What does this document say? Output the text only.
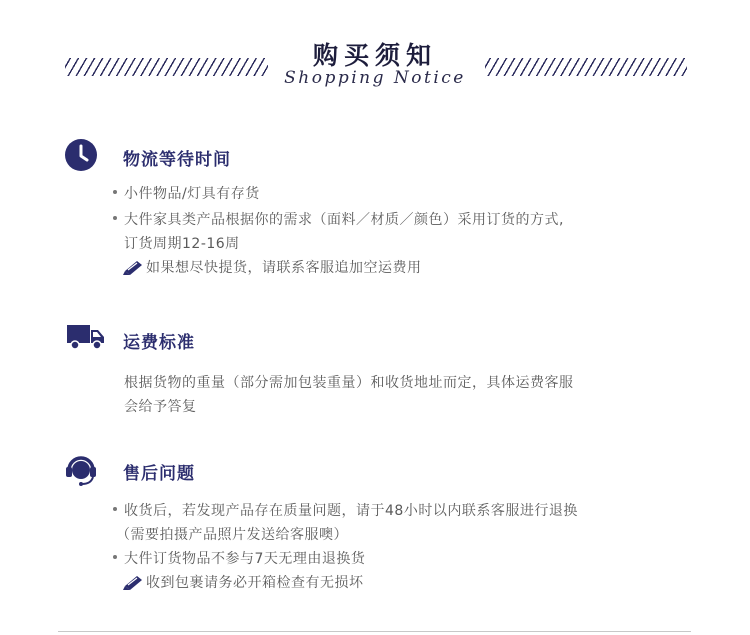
购买须知
Shopping Notice
物流等待时间
小件物品/灯具有存货
大件家具类产品根据你的需求（面料／材质／颜色）采用订货的方式,
订货周期12-16周
如果想尽快提货，请联系客服追加空运费用
运费标准
根据货物的重量（部分需加包装重量）和收货地址而定，具体运费客服
会给予答复
售后问题
收货后，若发现产品存在质量问题，请于48小时以内联系客服进行退换
（需要拍摄产品照片发送给客服噢）
大件订货物品不参与7天无理由退换货
收到包裹请务必开箱检查有无损坏
